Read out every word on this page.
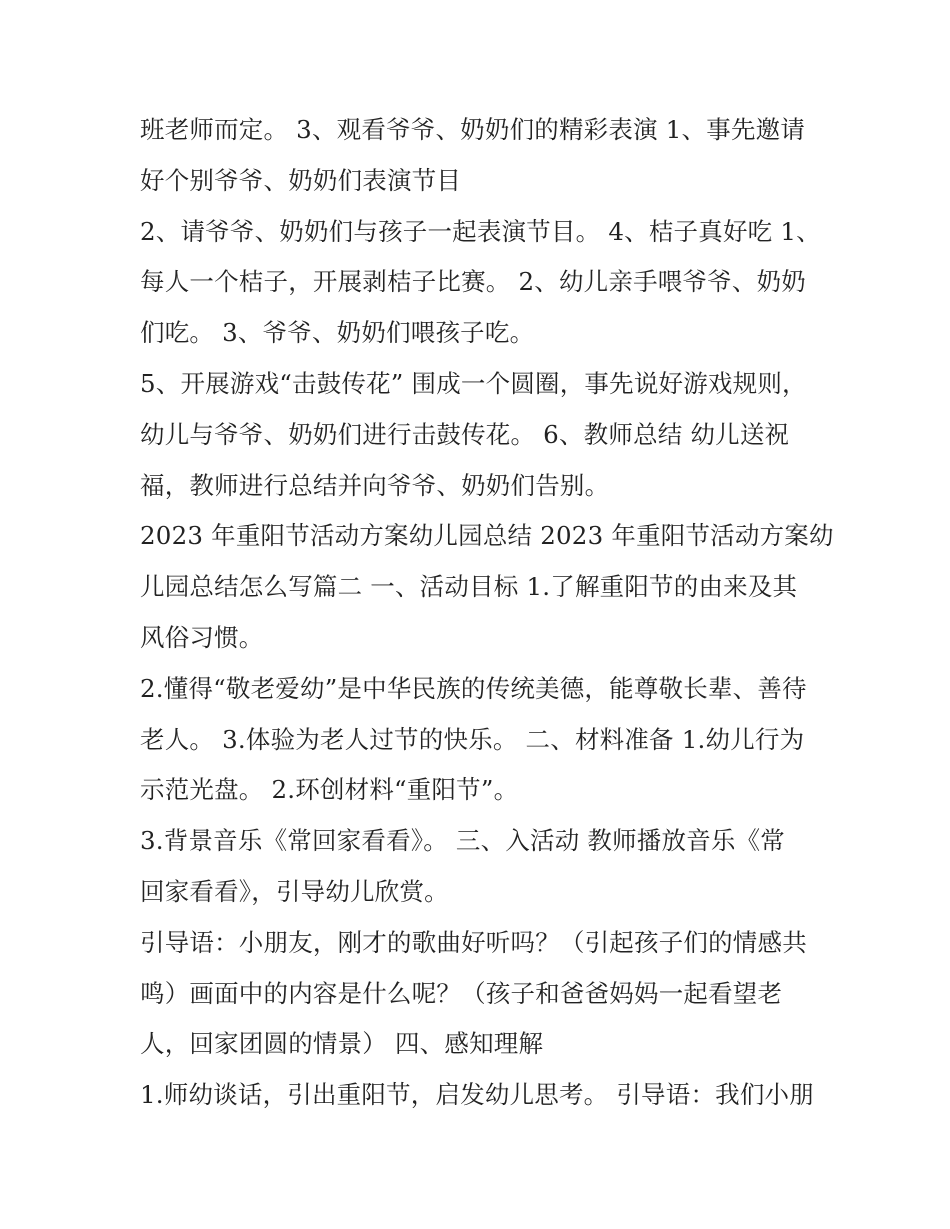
班老师而定。 3、观看爷爷、奶奶们的精彩表演 1、事先邀请
好个别爷爷、奶奶们表演节目
2、请爷爷、奶奶们与孩子一起表演节目。 4、桔子真好吃 1、
每人一个桔子，开展剥桔子比赛。 2、幼儿亲手喂爷爷、奶奶
们吃。 3、爷爷、奶奶们喂孩子吃。
5、开展游戏“击鼓传花” 围成一个圆圈，事先说好游戏规则，
幼儿与爷爷、奶奶们进行击鼓传花。 6、教师总结 幼儿送祝
福，教师进行总结并向爷爷、奶奶们告别。
2023 年重阳节活动方案幼儿园总结 2023 年重阳节活动方案幼
儿园总结怎么写篇二 一、活动目标 1.了解重阳节的由来及其
风俗习惯。
2.懂得“敬老爱幼”是中华民族的传统美德，能尊敬长辈、善待
老人。 3.体验为老人过节的快乐。 二、材料准备 1.幼儿行为
示范光盘。 2.环创材料“重阳节”。
3.背景音乐《常回家看看》。 三、入活动 教师播放音乐《常
回家看看》，引导幼儿欣赏。
引导语：小朋友，刚才的歌曲好听吗？（引起孩子们的情感共
鸣）画面中的内容是什么呢？（孩子和爸爸妈妈一起看望老
人，回家团圆的情景） 四、感知理解
1.师幼谈话，引出重阳节，启发幼儿思考。 引导语：我们小朋
